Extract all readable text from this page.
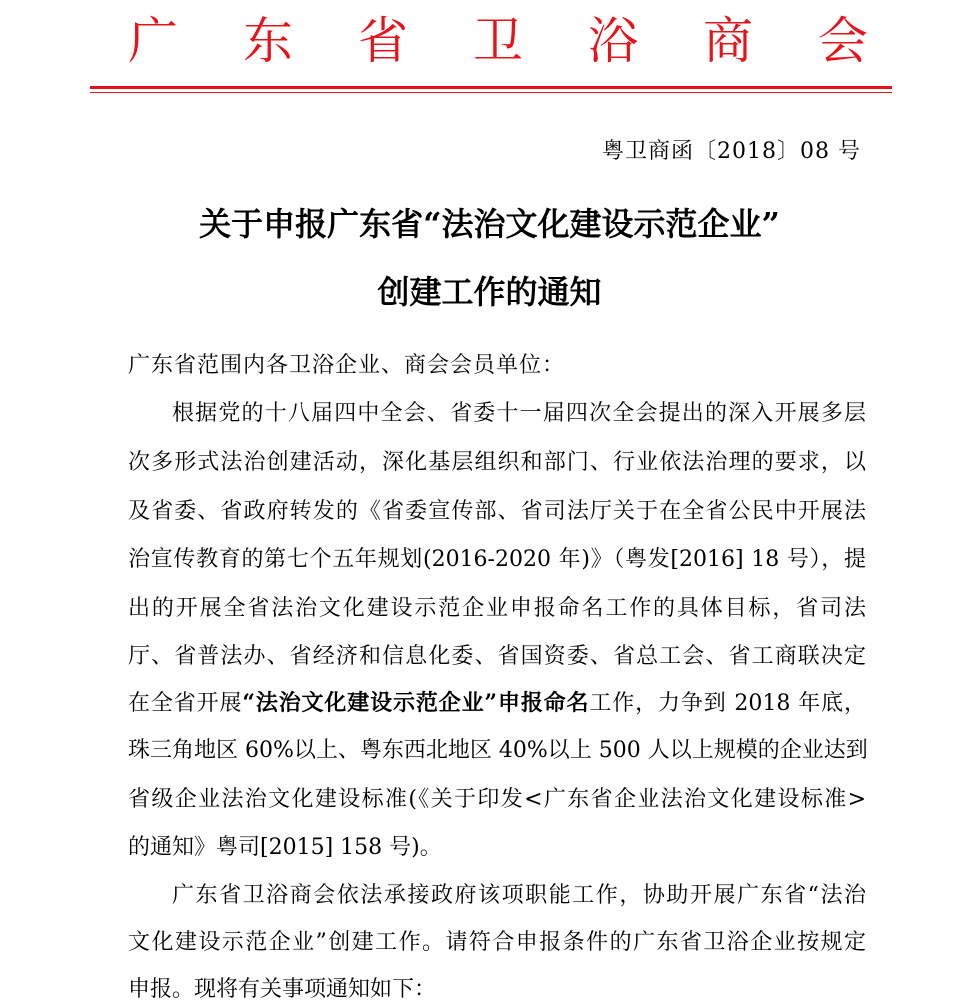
广 东 省 卫 浴 商 会
粤卫商函〔2018〕08 号
关于申报广东省“法治文化建设示范企业”
创建工作的通知
广东省范围内各卫浴企业、商会会员单位：
根据党的十八届四中全会、省委十一届四次全会提出的深入开展多层
次多形式法治创建活动，深化基层组织和部门、行业依法治理的要求，以
及省委、省政府转发的《省委宣传部、省司法厅关于在全省公民中开展法
治宣传教育的第七个五年规划(2016-2020 年)》（粤发[2016] 18 号），提
出的开展全省法治文化建设示范企业申报命名工作的具体目标，省司法
厅、省普法办、省经济和信息化委、省国资委、省总工会、省工商联决定
在全省开展“法治文化建设示范企业”申报命名工作，力争到 2018 年底，
珠三角地区 60%以上、粤东西北地区 40%以上 500 人以上规模的企业达到
省级企业法治文化建设标准(《关于印发<广东省企业法治文化建设标准>
的通知》粤司[2015] 158 号)。
广东省卫浴商会依法承接政府该项职能工作，协助开展广东省“法治
文化建设示范企业”创建工作。请符合申报条件的广东省卫浴企业按规定
申报。现将有关事项通知如下：
